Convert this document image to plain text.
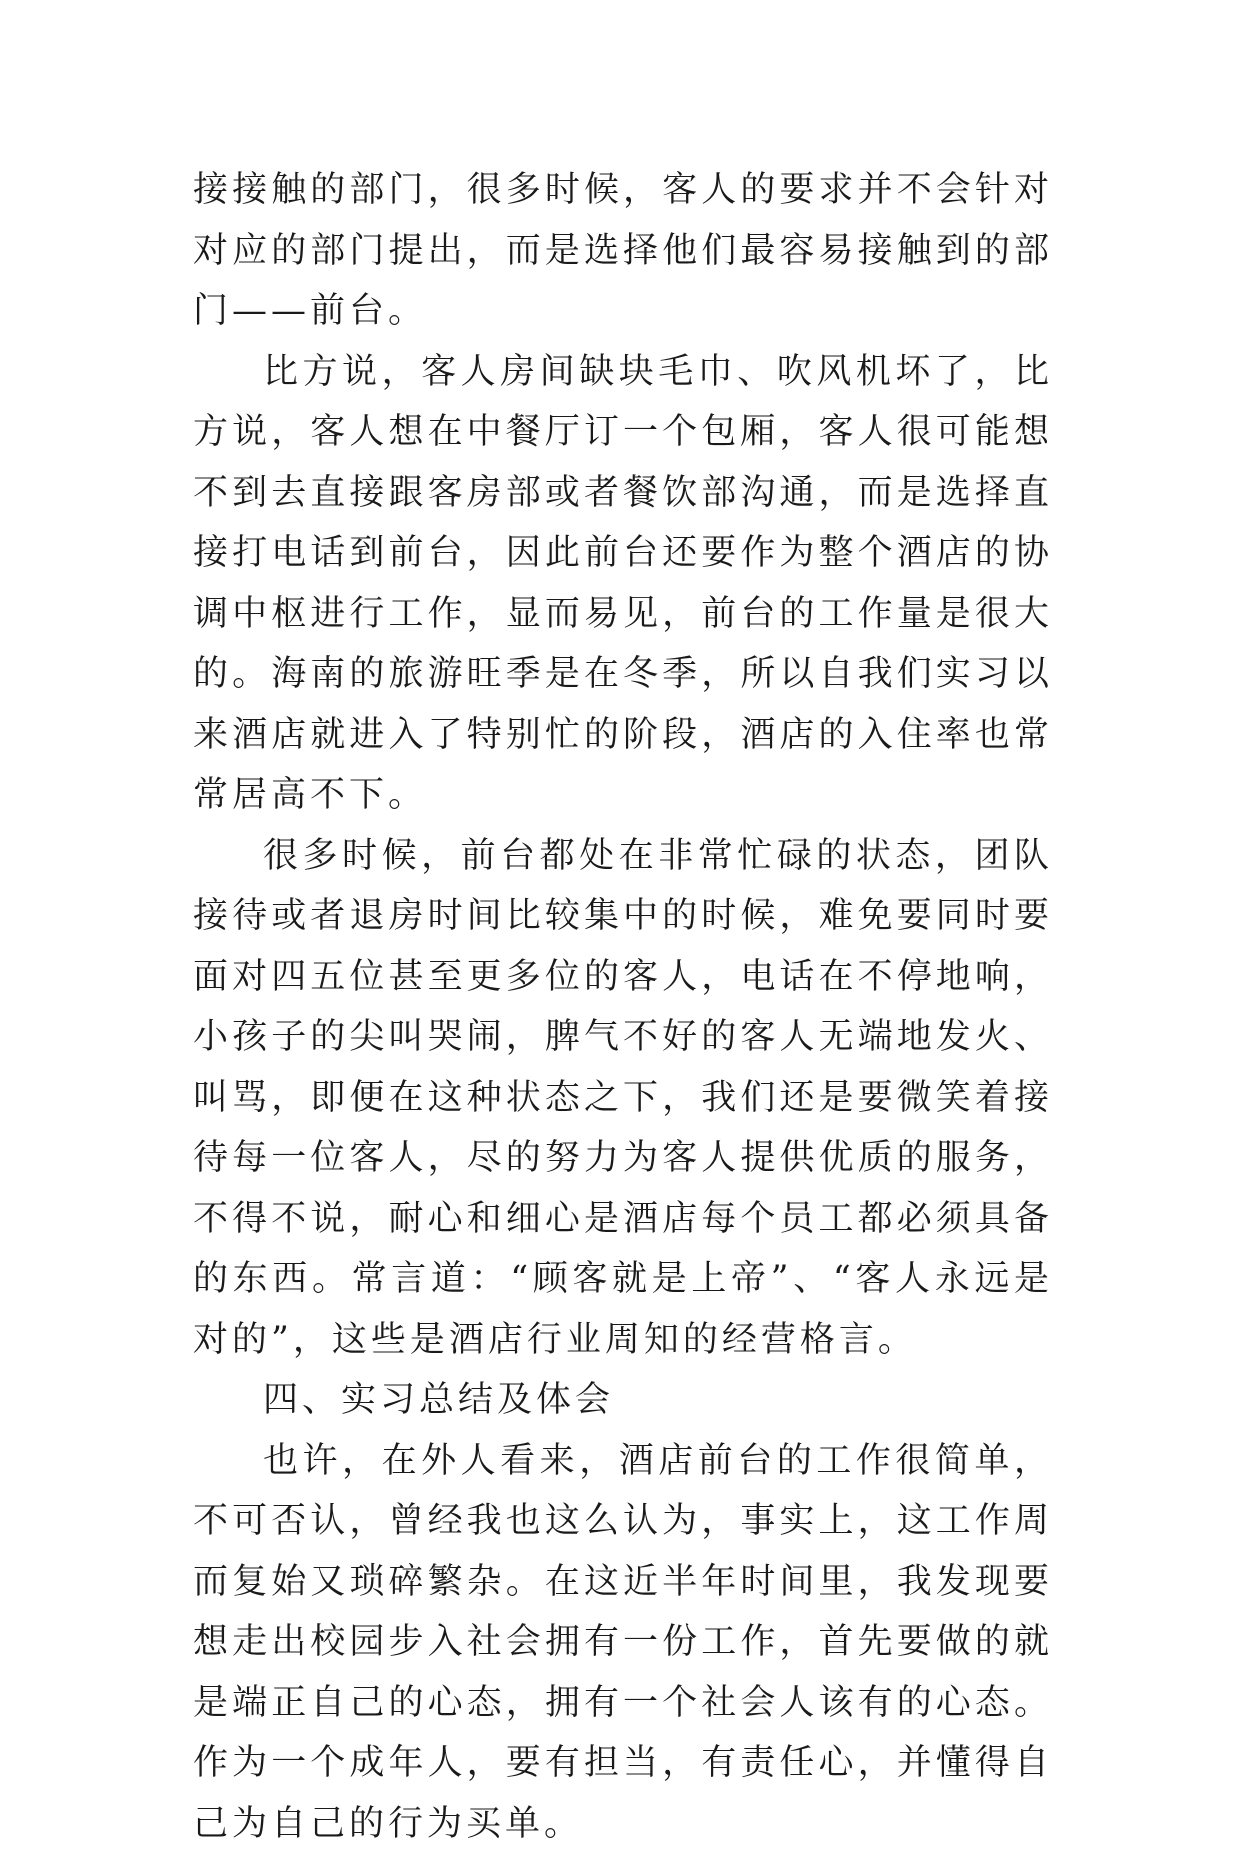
接接触的部门，很多时候，客人的要求并不会针对对应的部门提出，而是选择他们最容易接触到的部门——前台。

比方说，客人房间缺块毛巾、吹风机坏了，比方说，客人想在中餐厅订一个包厢，客人很可能想不到去直接跟客房部或者餐饮部沟通，而是选择直接打电话到前台，因此前台还要作为整个酒店的协调中枢进行工作，显而易见，前台的工作量是很大的。海南的旅游旺季是在冬季，所以自我们实习以来酒店就进入了特别忙的阶段，酒店的入住率也常常居高不下。

很多时候，前台都处在非常忙碌的状态，团队接待或者退房时间比较集中的时候，难免要同时要面对四五位甚至更多位的客人，电话在不停地响，小孩子的尖叫哭闹，脾气不好的客人无端地发火、叫骂，即便在这种状态之下，我们还是要微笑着接待每一位客人，尽的努力为客人提供优质的服务，不得不说，耐心和细心是酒店每个员工都必须具备的东西。常言道：“顾客就是上帝”、“客人永远是对的”，这些是酒店行业周知的经营格言。

四、实习总结及体会

也许，在外人看来，酒店前台的工作很简单，不可否认，曾经我也这么认为，事实上，这工作周而复始又琐碎繁杂。在这近半年时间里，我发现要想走出校园步入社会拥有一份工作，首先要做的就是端正自己的心态，拥有一个社会人该有的心态。作为一个成年人，要有担当，有责任心，并懂得自己为自己的行为买单。
